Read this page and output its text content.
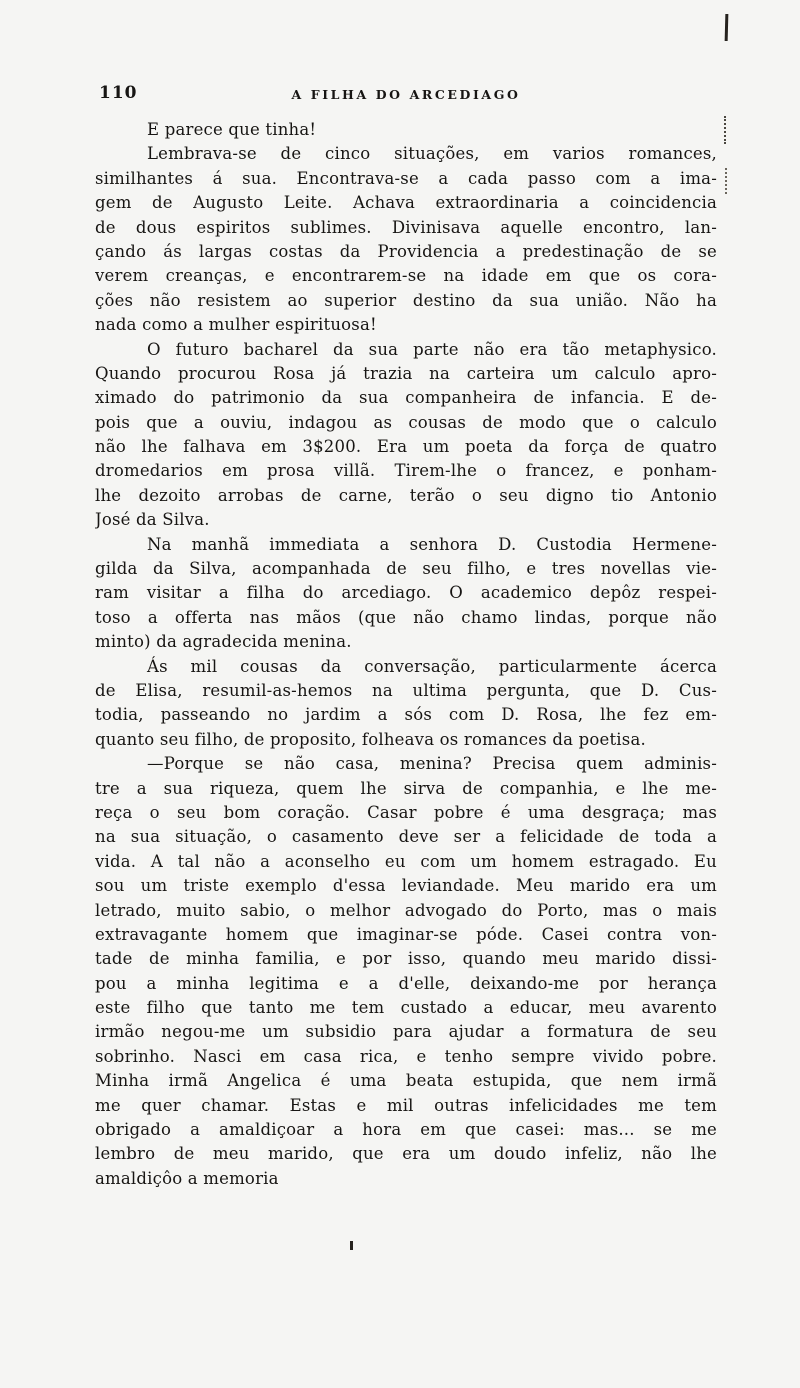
110	A FILHA DO ARCEDIAGO
E parece que tinha!
Lembrava-se de cinco situações, em varios romances,
similhantes á sua. Encontrava-se a cada passo com a ima-
gem de Augusto Leite. Achava extraordinaria a coincidencia
de dous espiritos sublimes. Divinisava aquelle encontro, lan-
çando ás largas costas da Providencia a predestinação de se
verem creanças, e encontrarem-se na idade em que os cora-
ções não resistem ao superior destino da sua união. Não ha
nada como a mulher espirituosa!
O futuro bacharel da sua parte não era tão metaphysico.
Quando procurou Rosa já trazia na carteira um calculo apro-
ximado do patrimonio da sua companheira de infancia. E de-
pois que a ouviu, indagou as cousas de modo que o calculo
não lhe falhava em 3$200. Era um poeta da força de quatro
dromedarios em prosa villã. Tirem-lhe o francez, e ponham-
lhe dezoito arrobas de carne, terão o seu digno tio Antonio
José da Silva.
Na manhã immediata a senhora D. Custodia Hermene-
gilda da Silva, acompanhada de seu filho, e tres novellas vie-
ram visitar a filha do arcediago. O academico depôz respei-
toso a offerta nas mãos (que não chamo lindas, porque não
minto) da agradecida menina.
Ás mil cousas da conversação, particularmente ácerca
de Elisa, resumil-as-hemos na ultima pergunta, que D. Cus-
todia, passeando no jardim a sós com D. Rosa, lhe fez em-
quanto seu filho, de proposito, folheava os romances da poetisa.
—Porque se não casa, menina? Precisa quem adminis-
tre a sua riqueza, quem lhe sirva de companhia, e lhe me-
reça o seu bom coração. Casar pobre é uma desgraça; mas
na sua situação, o casamento deve ser a felicidade de toda a
vida. A tal não a aconselho eu com um homem estragado. Eu
sou um triste exemplo d'essa leviandade. Meu marido era um
letrado, muito sabio, o melhor advogado do Porto, mas o mais
extravagante homem que imaginar-se póde. Casei contra von-
tade de minha familia, e por isso, quando meu marido dissi-
pou a minha legitima e a d'elle, deixando-me por herança
este filho que tanto me tem custado a educar, meu avarento
irmão negou-me um subsidio para ajudar a formatura de seu
sobrinho. Nasci em casa rica, e tenho sempre vivido pobre.
Minha irmã Angelica é uma beata estupida, que nem irmã
me quer chamar. Estas e mil outras infelicidades me tem
obrigado a amaldiçoar a hora em que casei: mas... se me
lembro de meu marido, que era um doudo infeliz, não lhe
amaldiçôo a memoria
